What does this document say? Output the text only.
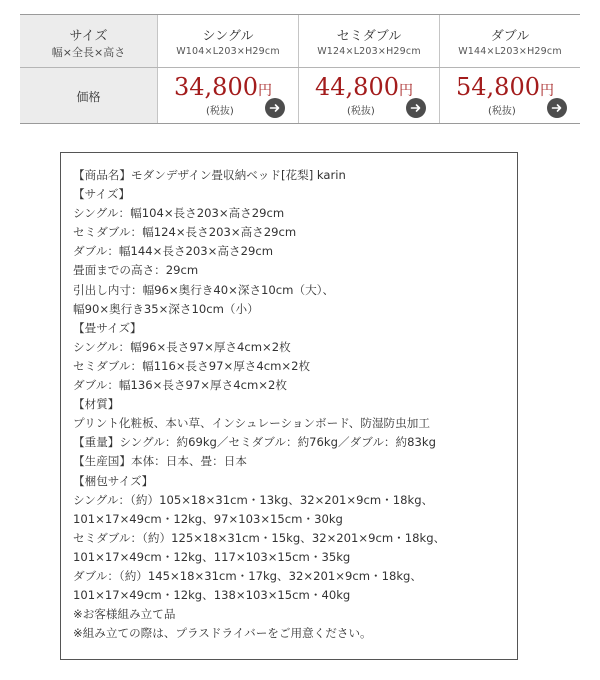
サイズ
幅×全長×高さ
シングル
W104×L203×H29cm
セミダブル
W124×L203×H29cm
ダブル
W144×L203×H29cm
価格	34,800円
(税抜)
44,800円
(税抜)
54,800円
(税抜)
【商品名】モダンデザイン畳収納ベッド[花梨] karin
【サイズ】
シングル：幅104×長さ203×高さ29cm
セミダブル：幅124×長さ203×高さ29cm
ダブル：幅144×長さ203×高さ29cm
畳面までの高さ：29cm
引出し内寸：幅96×奥行き40×深さ10cm（大）、
幅90×奥行き35×深さ10cm（小）
【畳サイズ】
シングル：幅96×長さ97×厚さ4cm×2枚
セミダブル：幅116×長さ97×厚さ4cm×2枚
ダブル：幅136×長さ97×厚さ4cm×2枚
【材質】
プリント化粧板、本い草、インシュレーションボード、防湿防虫加工
【重量】シングル：約69kg／セミダブル：約76kg／ダブル：約83kg
【生産国】本体：日本、畳：日本
【梱包サイズ】
シングル：（約）105×18×31cm・13kg、32×201×9cm・18kg、
101×17×49cm・12kg、97×103×15cm・30kg
セミダブル：（約）125×18×31cm・15kg、32×201×9cm・18kg、
101×17×49cm・12kg、117×103×15cm・35kg
ダブル：（約）145×18×31cm・17kg、32×201×9cm・18kg、
101×17×49cm・12kg、138×103×15cm・40kg
※お客様組み立て品
※組み立ての際は、プラスドライバーをご用意ください。
